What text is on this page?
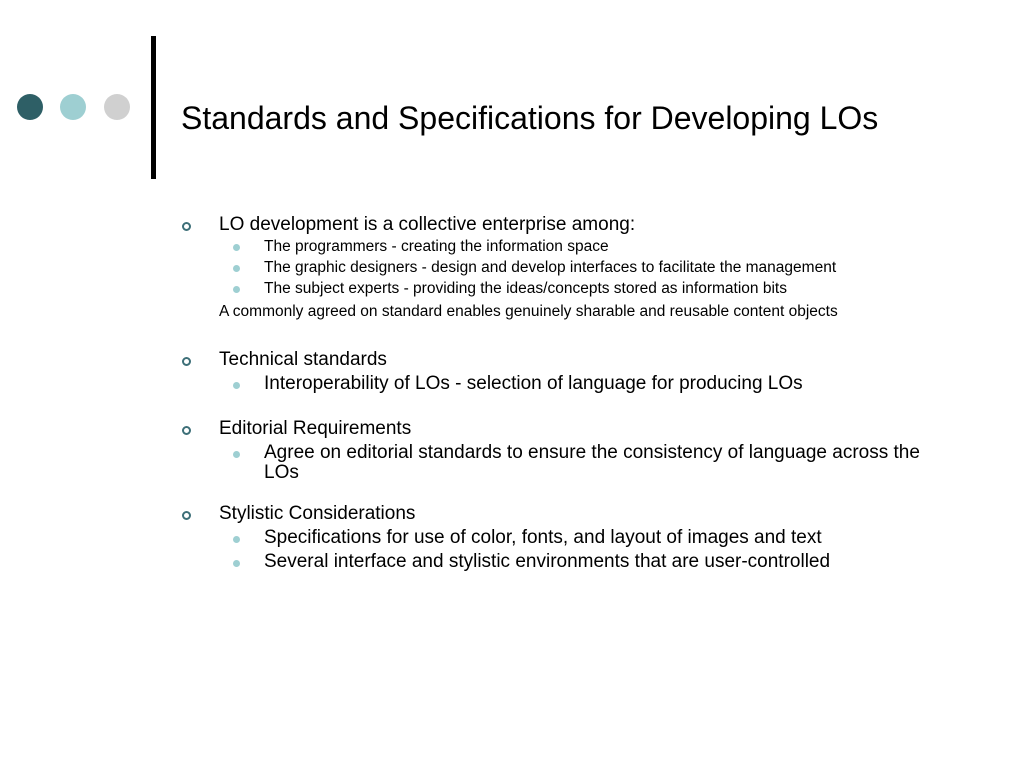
Standards and Specifications for Developing LOs
LO development is a collective enterprise among:
The programmers - creating the information space
The graphic designers - design and develop interfaces to facilitate the management
The subject experts - providing the ideas/concepts stored as information bits
A commonly agreed on standard enables genuinely sharable and reusable content objects
Technical standards
Interoperability of LOs - selection of language for producing LOs
Editorial Requirements
Agree on editorial standards to ensure the consistency of language across the LOs
Stylistic Considerations
Specifications for use of color, fonts, and layout of images and text
Several interface and stylistic environments that are user-controlled
